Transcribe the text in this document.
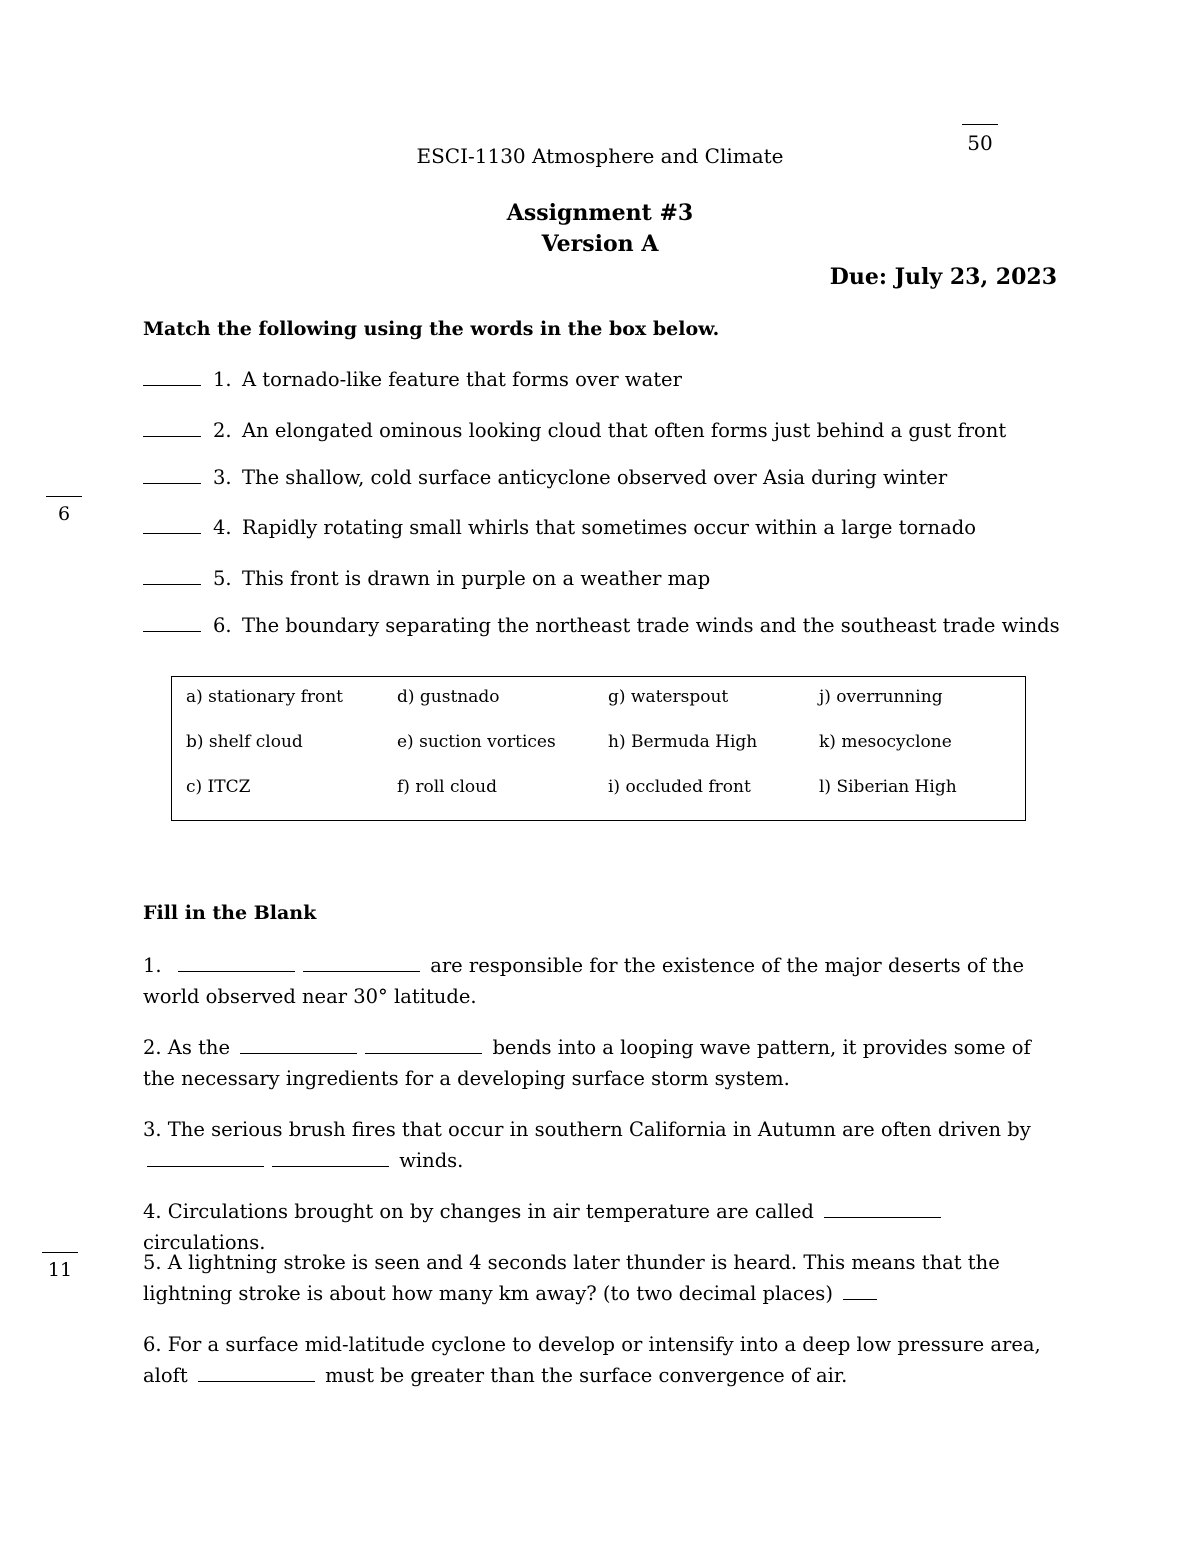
50
ESCI-1130 Atmosphere and Climate
Assignment #3
Version A
Due: July 23, 2023
Match the following using the words in the box below.
1. A tornado-like feature that forms over water
2. An elongated ominous looking cloud that often forms just behind a gust front
3. The shallow, cold surface anticyclone observed over Asia during winter
4. Rapidly rotating small whirls that sometimes occur within a large tornado
5. This front is drawn in purple on a weather map
6. The boundary separating the northeast trade winds and the southeast trade winds
6
a) stationary front	d) gustnado	g) waterspout	j) overrunning
b) shelf cloud	e) suction vortices	h) Bermuda High	k) mesocyclone
c) ITCZ	f) roll cloud	i) occluded front	l) Siberian High
Fill in the Blank
1.	are responsible for the existence of the major deserts of the world observed near 30° latitude.
2. As the	bends into a looping wave pattern, it provides some of the necessary ingredients for a developing surface storm system.
3. The serious brush fires that occur in southern California in Autumn are often driven by  winds.
4. Circulations brought on by changes in air temperature are called  circulations.
5. A lightning stroke is seen and 4 seconds later thunder is heard. This means that the lightning stroke is about how many km away? (to two decimal places)
6. For a surface mid-latitude cyclone to develop or intensify into a deep low pressure area, aloft	must be greater than the surface convergence of air.
11
